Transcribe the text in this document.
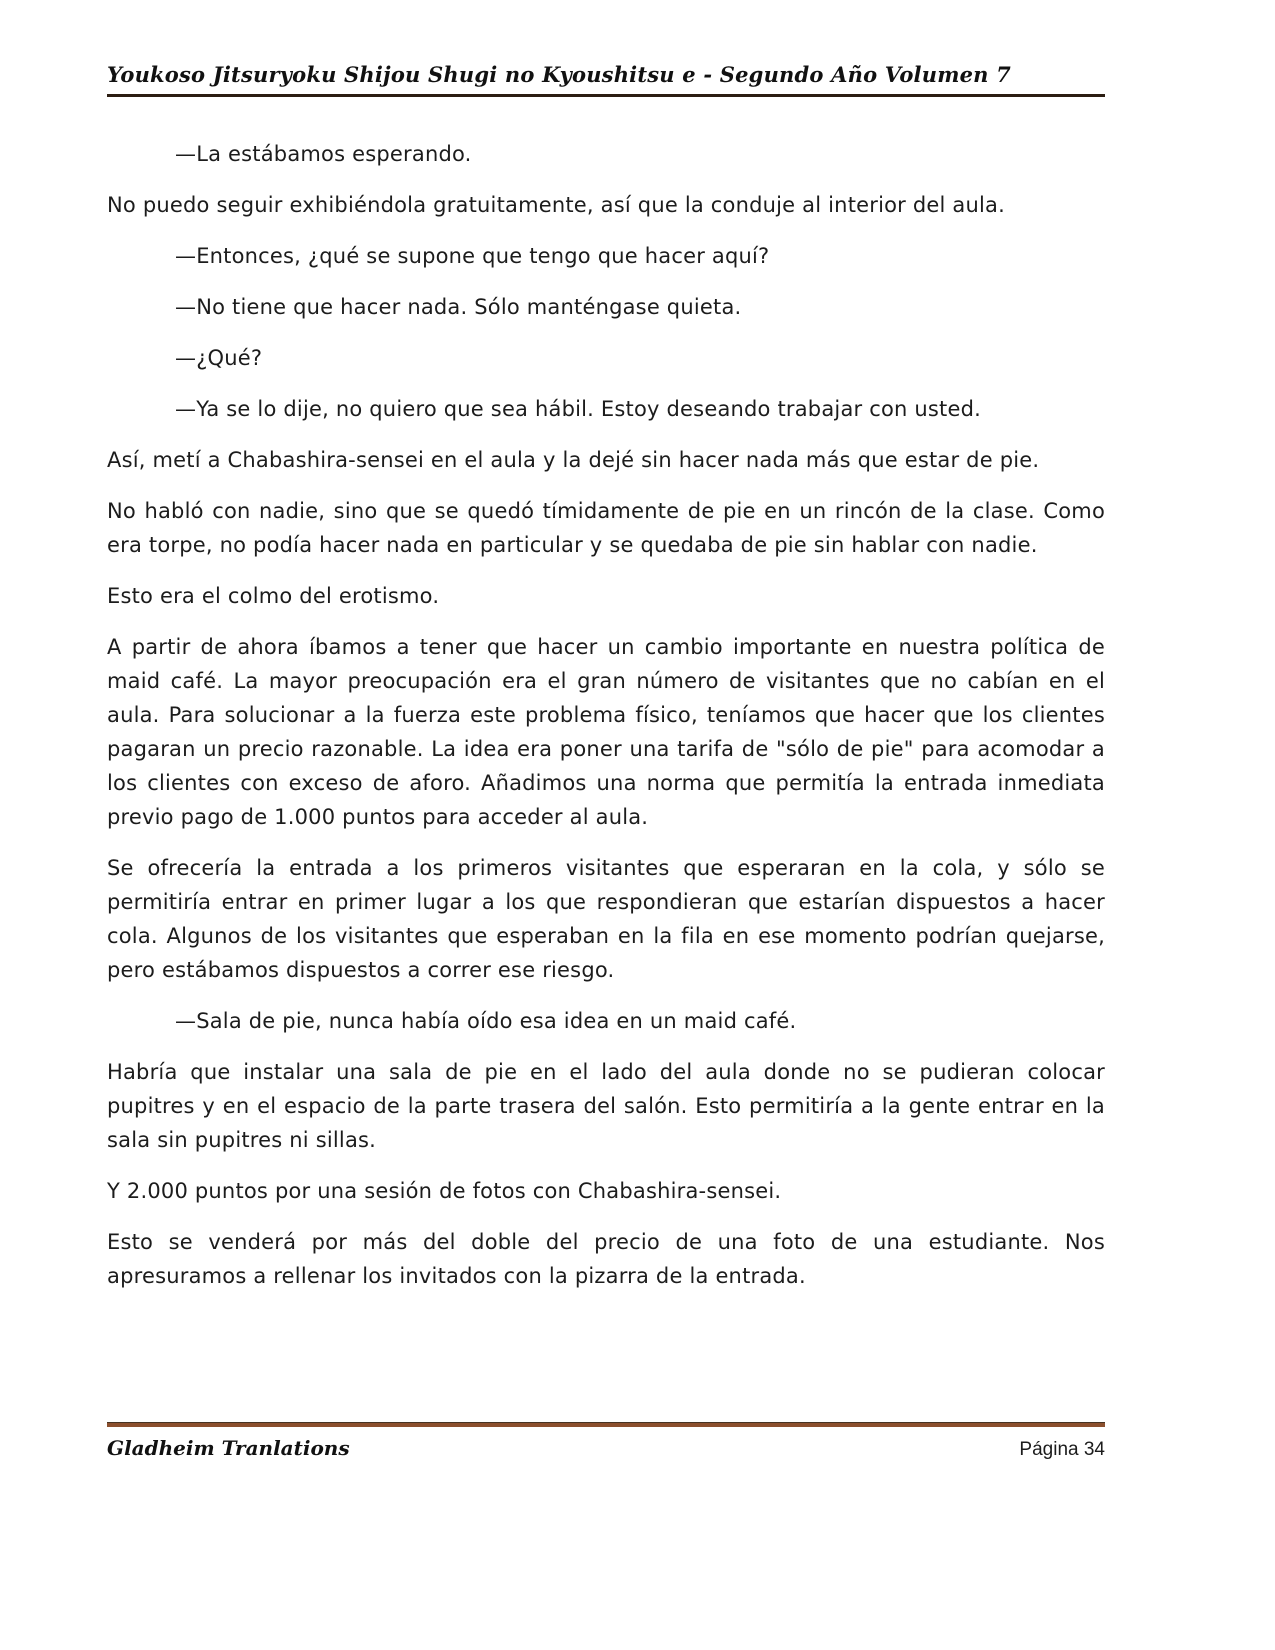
Youkoso Jitsuryoku Shijou Shugi no Kyoushitsu e - Segundo Año Volumen 7

—La estábamos esperando.

No puedo seguir exhibiéndola gratuitamente, así que la conduje al interior del aula.

—Entonces, ¿qué se supone que tengo que hacer aquí?

—No tiene que hacer nada. Sólo manténgase quieta.

—¿Qué?

—Ya se lo dije, no quiero que sea hábil. Estoy deseando trabajar con usted.

Así, metí a Chabashira-sensei en el aula y la dejé sin hacer nada más que estar de pie.

No habló con nadie, sino que se quedó tímidamente de pie en un rincón de la clase. Como era torpe, no podía hacer nada en particular y se quedaba de pie sin hablar con nadie.

Esto era el colmo del erotismo.

A partir de ahora íbamos a tener que hacer un cambio importante en nuestra política de maid café. La mayor preocupación era el gran número de visitantes que no cabían en el aula. Para solucionar a la fuerza este problema físico, teníamos que hacer que los clientes pagaran un precio razonable. La idea era poner una tarifa de "sólo de pie" para acomodar a los clientes con exceso de aforo. Añadimos una norma que permitía la entrada inmediata previo pago de 1.000 puntos para acceder al aula.

Se ofrecería la entrada a los primeros visitantes que esperaran en la cola, y sólo se permitiría entrar en primer lugar a los que respondieran que estarían dispuestos a hacer cola. Algunos de los visitantes que esperaban en la fila en ese momento podrían quejarse, pero estábamos dispuestos a correr ese riesgo.

—Sala de pie, nunca había oído esa idea en un maid café.

Habría que instalar una sala de pie en el lado del aula donde no se pudieran colocar pupitres y en el espacio de la parte trasera del salón. Esto permitiría a la gente entrar en la sala sin pupitres ni sillas.

Y 2.000 puntos por una sesión de fotos con Chabashira-sensei.

Esto se venderá por más del doble del precio de una foto de una estudiante. Nos apresuramos a rellenar los invitados con la pizarra de la entrada.

Gladheim Tranlations	Página 34
